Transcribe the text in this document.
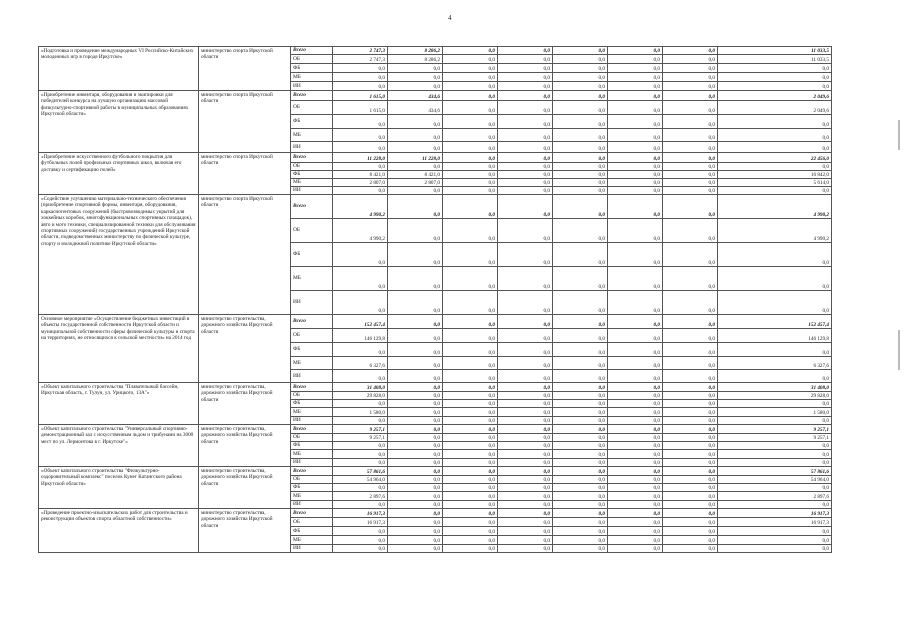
4
«Подготовка и проведение международных VI Российско-Китайских молодежных игр в городе Иркутске»	министерство спорта Иркутской области	Всего	2 747,3	8 286,2	0,0	0,0	0,0	0,0	0,0	11 033,5
		ОБ	2 747,3	8 286,2	0,0	0,0	0,0	0,0	0,0	11 033,5
		ФБ	0,0	0,0	0,0	0,0	0,0	0,0	0,0	0,0
		МБ	0,0	0,0	0,0	0,0	0,0	0,0	0,0	0,0
		ИИ	0,0	0,0	0,0	0,0	0,0	0,0	0,0	0,0
«Приобретение инвентаря, оборудования и экипировки для победителей конкурса на лучшую организацию массовой физкультурно-спортивной работы в муниципальных образованиях Иркутской области»	министерство спорта Иркутской области	Всего	1 615,0	434,6	0,0	0,0	0,0	0,0	0,0	2 049,6
		ОБ	1 615,0	434,6	0,0	0,0	0,0	0,0	0,0	2 049,6
		ФБ	0,0	0,0	0,0	0,0	0,0	0,0	0,0	0,0
		МБ	0,0	0,0	0,0	0,0	0,0	0,0	0,0	0,0
		ИИ	0,0	0,0	0,0	0,0	0,0	0,0	0,0	0,0
«Приобретение искусственного футбольного покрытия для футбольных полей профильных спортивных школ, включая его доставку и сертификацию полей»	министерство спорта Иркутской области	Всего	11 228,0	11 228,0	0,0	0,0	0,0	0,0	0,0	22 456,0
		ОБ	0,0	0,0	0,0	0,0	0,0	0,0	0,0	0,0
		ФБ	8 421,0	8 421,0	0,0	0,0	0,0	0,0	0,0	16 842,0
		МБ	2 807,0	2 807,0	0,0	0,0	0,0	0,0	0,0	5 614,0
		ИИ	0,0	0,0	0,0	0,0	0,0	0,0	0,0	0,0
«Содействие улучшению материально-технического обеспечения (приобретение спортивной формы, инвентаря, оборудования, каркаснотентовых сооружений (быстровозводимых укрытий для хоккейных коробок, многофункциональных спортивных площадок), авто и мото техники, специализированной техники для обслуживания спортивных сооружений) государственных учреждений Иркутской области, подведомственных министерству по физической культуре, спорту и молодежной политике Иркутской области»	министерство спорта Иркутской области	Всего	4 990,2	0,0	0,0	0,0	0,0	0,0	0,0	4 990,2
		ОБ	4 990,2	0,0	0,0	0,0	0,0	0,0	0,0	4 990,2
		ФБ	0,0	0,0	0,0	0,0	0,0	0,0	0,0	0,0
		МБ	0,0	0,0	0,0	0,0	0,0	0,0	0,0	0,0
		ИИ	0,0	0,0	0,0	0,0	0,0	0,0	0,0	0,0
Основное мероприятие «Осуществление бюджетных инвестиций в объекты государственной собственности Иркутской области и муниципальной собственности сферы физической культуры и спорта на территориях, не относящихся к сельской местности» на 2014 год	министерство строительства, дорожного хозяйства Иркутской области	Всего	152 457,4	0,0	0,0	0,0	0,0	0,0	0,0	152 457,4
		ОБ	146 129,8	0,0	0,0	0,0	0,0	0,0	0,0	146 129,8
		ФБ	0,0	0,0	0,0	0,0	0,0	0,0	0,0	0,0
		МБ	6 327,6	0,0	0,0	0,0	0,0	0,0	0,0	6 327,6
		ИИ	0,0	0,0	0,0	0,0	0,0	0,0	0,0	0,0
«Объект капитального строительства "Плавательный бассейн, Иркутская область, г. Тулун, ул. Урицкого, 13А"»	министерство строительства, дорожного хозяйства Иркутской области	Всего	31 408,0	0,0	0,0	0,0	0,0	0,0	0,0	31 408,0
		ОБ	29 828,0	0,0	0,0	0,0	0,0	0,0	0,0	29 828,0
		ФБ	0,0	0,0	0,0	0,0	0,0	0,0	0,0	0,0
		МБ	1 580,0	0,0	0,0	0,0	0,0	0,0	0,0	1 580,0
		ИИ	0,0	0,0	0,0	0,0	0,0	0,0	0,0	0,0
«Объект капитального строительства "Универсальный спортивно-демонстрационный зал с искусственным льдом и трибунами на 3000 мест по ул. Лермонтова в г. Иркутске"»	министерство строительства, дорожного хозяйства Иркутской области	Всего	9 257,1	0,0	0,0	0,0	0,0	0,0	0,0	9 257,1
		ОБ	9 257,1	0,0	0,0	0,0	0,0	0,0	0,0	9 257,1
		ФБ	0,0	0,0	0,0	0,0	0,0	0,0	0,0	0,0
		МБ	0,0	0,0	0,0	0,0	0,0	0,0	0,0	0,0
		ИИ	0,0	0,0	0,0	0,0	0,0	0,0	0,0	0,0
«Объект капитального строительства "Физкультурно-оздоровительный комплекс" поселок Кунег Катангского района Иркутской области»	министерство строительства, дорожного хозяйства Иркутской области	Всего	57 861,6	0,0	0,0	0,0	0,0	0,0	0,0	57 861,6
		ОБ	54 964,0	0,0	0,0	0,0	0,0	0,0	0,0	54 964,0
		ФБ	0,0	0,0	0,0	0,0	0,0	0,0	0,0	0,0
		МБ	2 897,6	0,0	0,0	0,0	0,0	0,0	0,0	2 897,6
		ИИ	0,0	0,0	0,0	0,0	0,0	0,0	0,0	0,0
«Проведение проектно-изыскательских работ для строительства и реконструкции объектов спорта областной собственности»	министерство строительства, дорожного хозяйства Иркутской области	Всего	16 917,3	0,0	0,0	0,0	0,0	0,0	0,0	16 917,3
		ОБ	16 917,3	0,0	0,0	0,0	0,0	0,0	0,0	16 917,3
		ФБ	0,0	0,0	0,0	0,0	0,0	0,0	0,0	0,0
		МБ	0,0	0,0	0,0	0,0	0,0	0,0	0,0	0,0
		ИИ	0,0	0,0	0,0	0,0	0,0	0,0	0,0	0,0
